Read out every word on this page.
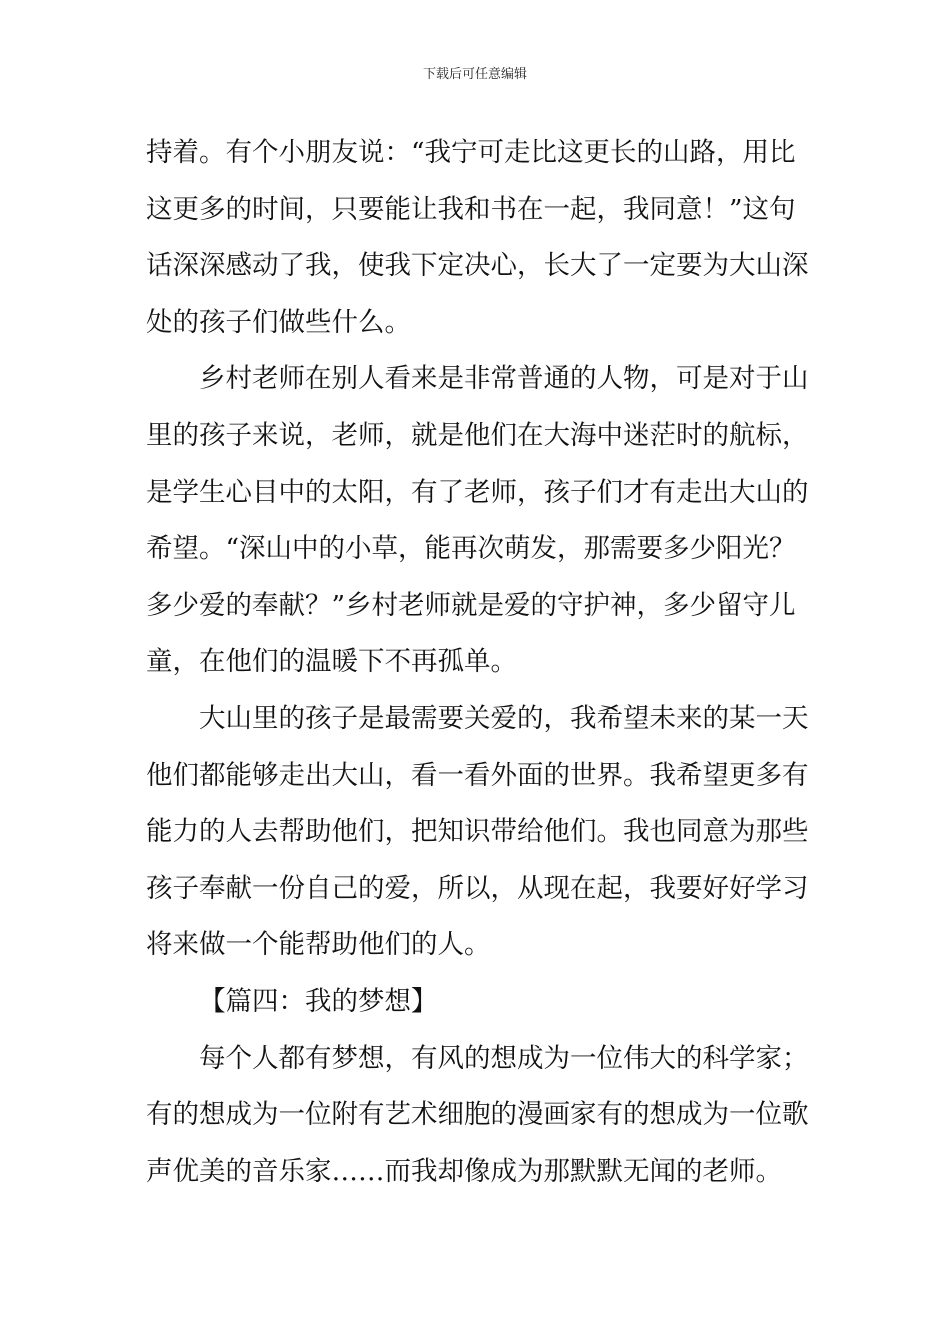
下载后可任意编辑
持着。有个小朋友说：“我宁可走比这更长的山路，用比
这更多的时间，只要能让我和书在一起，我同意！”这句
话深深感动了我，使我下定决心，长大了一定要为大山深
处的孩子们做些什么。
乡村老师在别人看来是非常普通的人物，可是对于山
里的孩子来说，老师，就是他们在大海中迷茫时的航标，
是学生心目中的太阳，有了老师，孩子们才有走出大山的
希望。“深山中的小草，能再次萌发，那需要多少阳光？
多少爱的奉献？”乡村老师就是爱的守护神，多少留守儿
童，在他们的温暖下不再孤单。
大山里的孩子是最需要关爱的，我希望未来的某一天
他们都能够走出大山，看一看外面的世界。我希望更多有
能力的人去帮助他们，把知识带给他们。我也同意为那些
孩子奉献一份自己的爱，所以，从现在起，我要好好学习
将来做一个能帮助他们的人。
【篇四：我的梦想】
每个人都有梦想，有风的想成为一位伟大的科学家；
有的想成为一位附有艺术细胞的漫画家有的想成为一位歌
声优美的音乐家……而我却像成为那默默无闻的老师。
